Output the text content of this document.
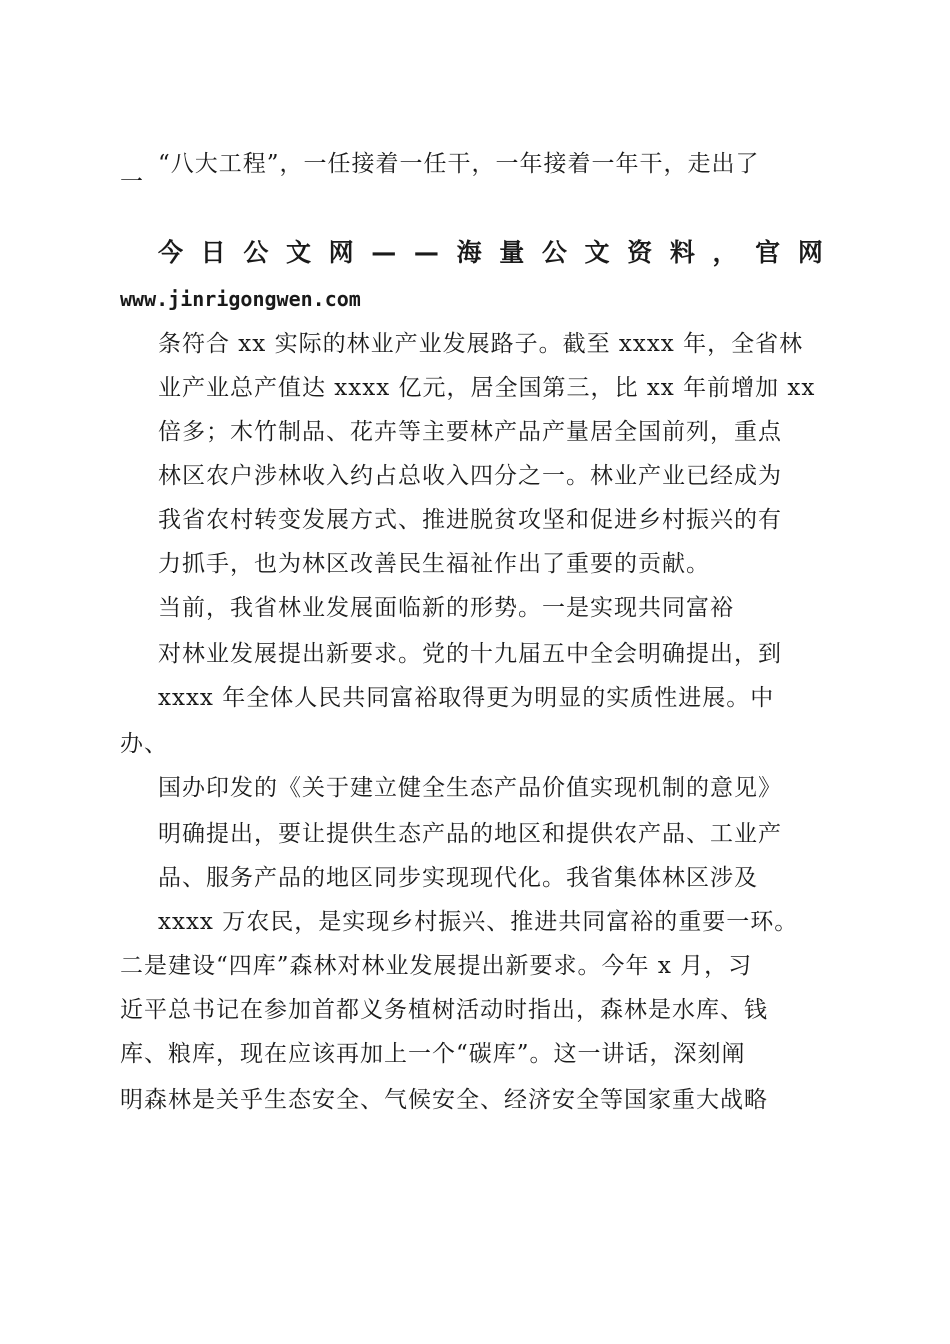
“八大工程”，一任接着一任干，一年接着一年干，走出了
一
今 日 公 文 网 — — 海 量 公 文 资 料 ， 官 网
www.jinrigongwen.com
条符合 xx 实际的林业产业发展路子。截至 xxxx 年，全省林
业产业总产值达 xxxx 亿元，居全国第三，比 xx 年前增加 xx
倍多；木竹制品、花卉等主要林产品产量居全国前列，重点
林区农户涉林收入约占总收入四分之一。林业产业已经成为
我省农村转变发展方式、推进脱贫攻坚和促进乡村振兴的有
力抓手，也为林区改善民生福祉作出了重要的贡献。
当前，我省林业发展面临新的形势。一是实现共同富裕
对林业发展提出新要求。党的十九届五中全会明确提出，到
xxxx 年全体人民共同富裕取得更为明显的实质性进展。中
办、
国办印发的《关于建立健全生态产品价值实现机制的意见》
明确提出，要让提供生态产品的地区和提供农产品、工业产
品、服务产品的地区同步实现现代化。我省集体林区涉及
xxxx 万农民，是实现乡村振兴、推进共同富裕的重要一环。
二是建设“四库”森林对林业发展提出新要求。今年 x 月，习
近平总书记在参加首都义务植树活动时指出，森林是水库、钱
库、粮库，现在应该再加上一个“碳库”。这一讲话，深刻阐
明森林是关乎生态安全、气候安全、经济安全等国家重大战略
